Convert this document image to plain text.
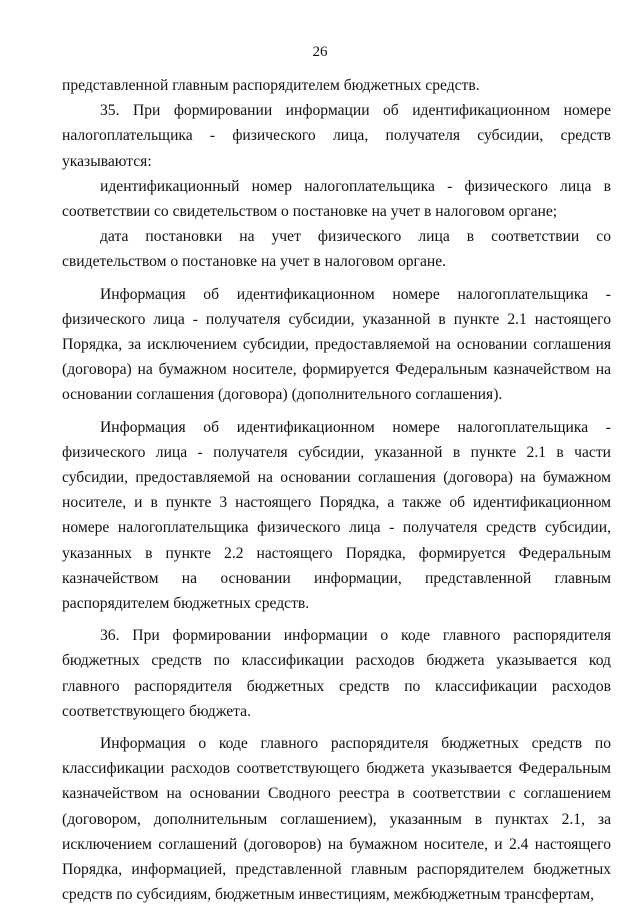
26

представленной главным распорядителем бюджетных средств.

35. При формировании информации об идентификационном номере налогоплательщика - физического лица, получателя субсидии, средств указываются:

идентификационный номер налогоплательщика - физического лица в соответствии со свидетельством о постановке на учет в налоговом органе;

дата постановки на учет физического лица в соответствии со свидетельством о постановке на учет в налоговом органе.

Информация об идентификационном номере налогоплательщика - физического лица - получателя субсидии, указанной в пункте 2.1 настоящего Порядка, за исключением субсидии, предоставляемой на основании соглашения (договора) на бумажном носителе, формируется Федеральным казначейством на основании соглашения (договора) (дополнительного соглашения).

Информация об идентификационном номере налогоплательщика - физического лица - получателя субсидии, указанной в пункте 2.1 в части субсидии, предоставляемой на основании соглашения (договора) на бумажном носителе, и в пункте 3 настоящего Порядка, а также об идентификационном номере налогоплательщика физического лица - получателя средств субсидии, указанных в пункте 2.2 настоящего Порядка, формируется Федеральным казначейством на основании информации, представленной главным распорядителем бюджетных средств.

36. При формировании информации о коде главного распорядителя бюджетных средств по классификации расходов бюджета указывается код главного распорядителя бюджетных средств по классификации расходов соответствующего бюджета.

Информация о коде главного распорядителя бюджетных средств по классификации расходов соответствующего бюджета указывается Федеральным казначейством на основании Сводного реестра в соответствии с соглашением (договором, дополнительным соглашением), указанным в пунктах 2.1, за исключением соглашений (договоров) на бумажном носителе, и 2.4 настоящего Порядка, информацией, представленной главным распорядителем бюджетных средств по субсидиям, бюджетным инвестициям, межбюджетным трансфертам,
